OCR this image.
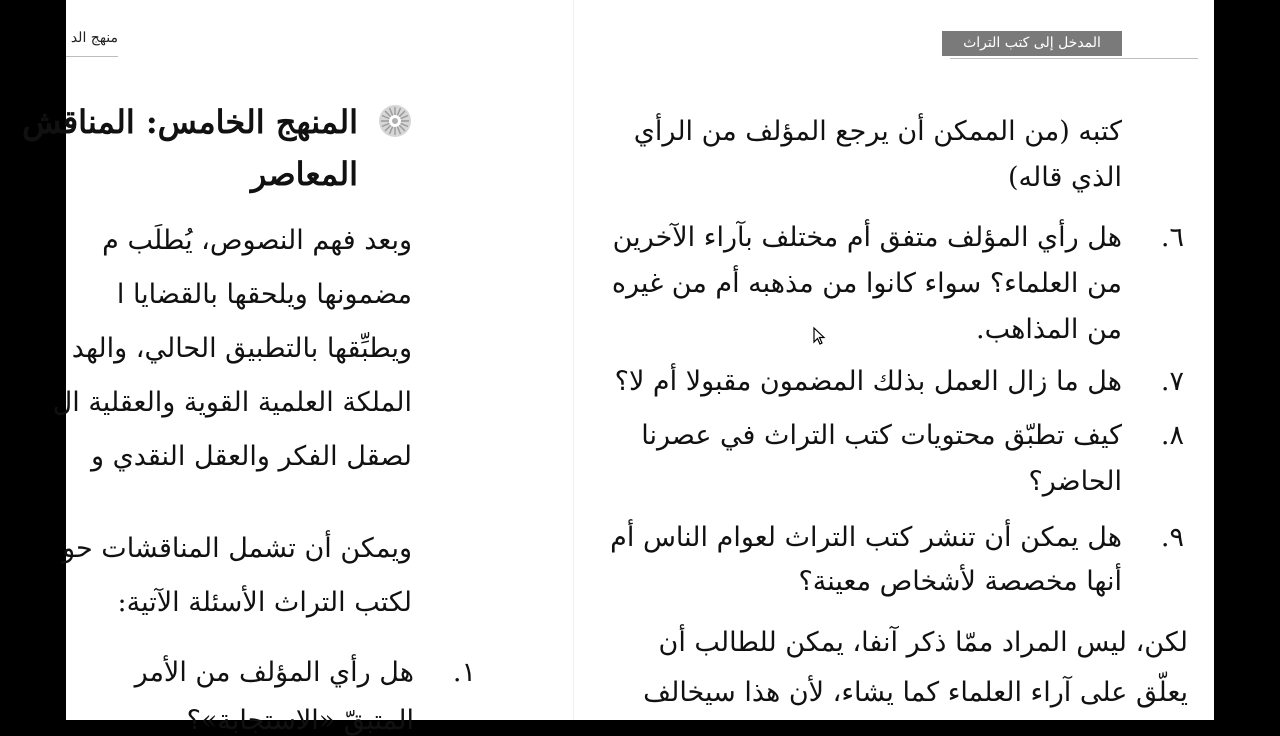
منهج الد
المنهج الخامس: المناقش
المعاصر
وبعد فهم النصوص، يُطلَب م
مضمونها ويلحقها بالقضايا ا
ويطبِّقها بالتطبيق الحالي، والهد
الملكة العلمية القوية والعقلية ال
لصقل الفكر والعقل النقدي و
ويمكن أن تشمل المناقشات حو
لكتب التراث الأسئلة الآتية:
١.
هل رأي المؤلف من الأمر
المتبقّ «الاستجابة»؟
كتبه (من الممكن أن يرجع المؤلف من الرأي
الذي قاله)
٦.
هل رأي المؤلف متفق أم مختلف بآراء الآخرين
من العلماء؟ سواء كانوا من مذهبه أم من غيره
من المذاهب.
٧.
هل ما زال العمل بذلك المضمون مقبولا أم لا؟
٨.
كيف تطبّق محتويات كتب التراث في عصرنا
الحاضر؟
٩.
هل يمكن أن تنشر كتب التراث لعوام الناس أم
أنها مخصصة لأشخاص معينة؟
لكن، ليس المراد ممّا ذكر آنفا، يمكن للطالب أن
يعلّق على آراء العلماء كما يشاء، لأن هذا سيخالف
المدخل إلى كتب التراث
